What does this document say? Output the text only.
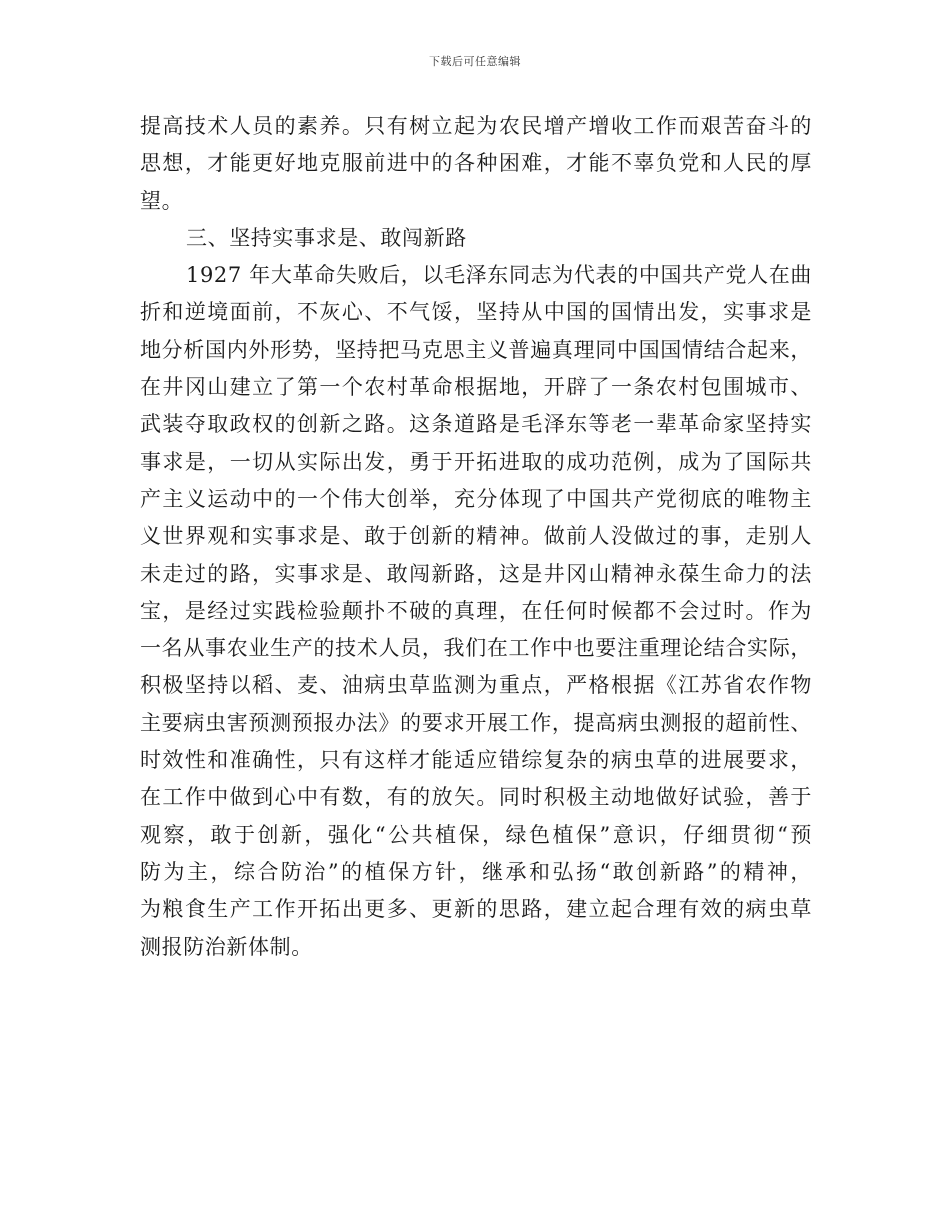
下载后可任意编辑
提高技术人员的素养。只有树立起为农民增产增收工作而艰苦奋斗的
思想，才能更好地克服前进中的各种困难，才能不辜负党和人民的厚
望。
三、坚持实事求是、敢闯新路
1927 年大革命失败后，以毛泽东同志为代表的中国共产党人在曲
折和逆境面前，不灰心、不气馁，坚持从中国的国情出发，实事求是
地分析国内外形势，坚持把马克思主义普遍真理同中国国情结合起来，
在井冈山建立了第一个农村革命根据地，开辟了一条农村包围城市、
武装夺取政权的创新之路。这条道路是毛泽东等老一辈革命家坚持实
事求是，一切从实际出发，勇于开拓进取的成功范例，成为了国际共
产主义运动中的一个伟大创举，充分体现了中国共产党彻底的唯物主
义世界观和实事求是、敢于创新的精神。做前人没做过的事，走别人
未走过的路，实事求是、敢闯新路，这是井冈山精神永葆生命力的法
宝，是经过实践检验颠扑不破的真理，在任何时候都不会过时。作为
一名从事农业生产的技术人员，我们在工作中也要注重理论结合实际，
积极坚持以稻、麦、油病虫草监测为重点，严格根据《江苏省农作物
主要病虫害预测预报办法》的要求开展工作，提高病虫测报的超前性、
时效性和准确性，只有这样才能适应错综复杂的病虫草的进展要求，
在工作中做到心中有数，有的放矢。同时积极主动地做好试验，善于
观察，敢于创新，强化“公共植保，绿色植保”意识，仔细贯彻“预
防为主，综合防治”的植保方针，继承和弘扬“敢创新路”的精神，
为粮食生产工作开拓出更多、更新的思路，建立起合理有效的病虫草
测报防治新体制。
